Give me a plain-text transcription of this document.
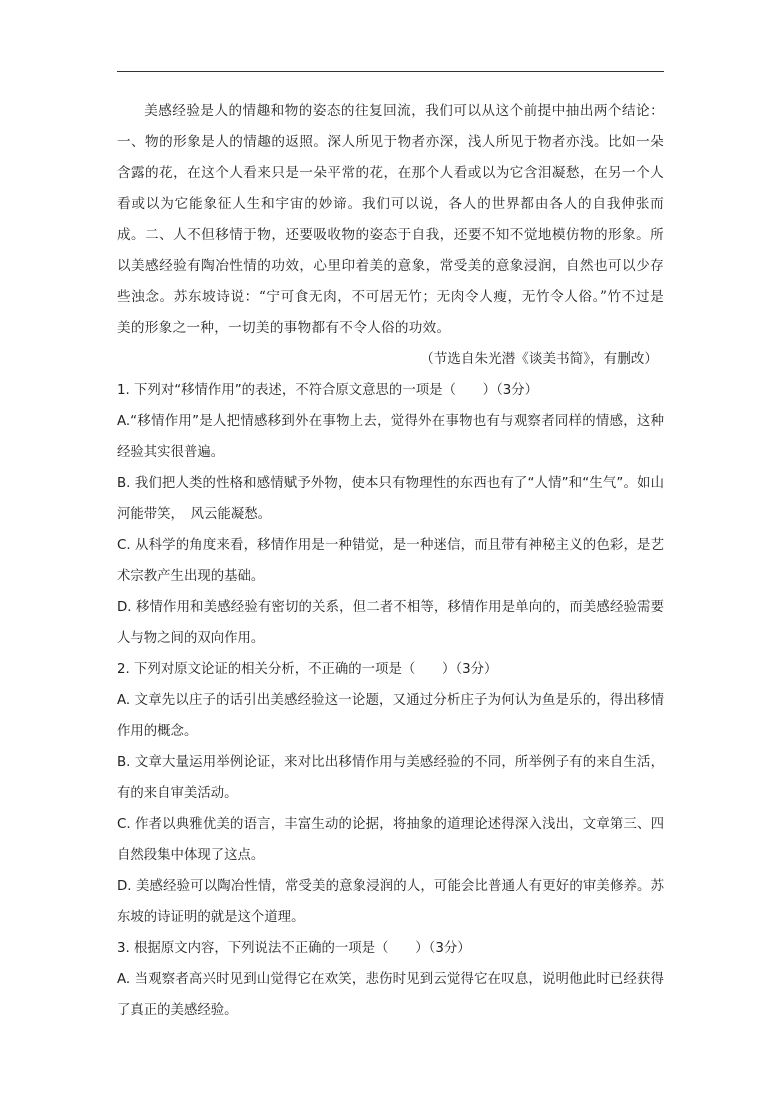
美感经验是人的情趣和物的姿态的往复回流，我们可以从这个前提中抽出两个结论：一、物的形象是人的情趣的返照。深人所见于物者亦深，浅人所见于物者亦浅。比如一朵含露的花，在这个人看来只是一朵平常的花，在那个人看或以为它含泪凝愁，在另一个人看或以为它能象征人生和宇宙的妙谛。我们可以说，各人的世界都由各人的自我伸张而成。二、人不但移情于物，还要吸收物的姿态于自我，还要不知不觉地模仿物的形象。所以美感经验有陶冶性情的功效，心里印着美的意象，常受美的意象浸润，自然也可以少存些浊念。苏东坡诗说：“宁可食无肉，不可居无竹；无肉令人瘦，无竹令人俗。”竹不过是美的形象之一种，一切美的事物都有不令人俗的功效。

（节选自朱光潜《谈美书简》，有删改）

1. 下列对“移情作用”的表述，不符合原文意思的一项是（　　）（3分）

A.“移情作用”是人把情感移到外在事物上去，觉得外在事物也有与观察者同样的情感，这种经验其实很普遍。

B. 我们把人类的性格和感情赋予外物，使本只有物理性的东西也有了“人情”和“生气”。如山河能带笑，　风云能凝愁。

C. 从科学的角度来看，移情作用是一种错觉，是一种迷信，而且带有神秘主义的色彩，是艺术宗教产生出现的基础。

D. 移情作用和美感经验有密切的关系，但二者不相等，移情作用是单向的，而美感经验需要人与物之间的双向作用。

2. 下列对原文论证的相关分析，不正确的一项是（　　）（3分）

A. 文章先以庄子的话引出美感经验这一论题，又通过分析庄子为何认为鱼是乐的，得出移情作用的概念。

B. 文章大量运用举例论证，来对比出移情作用与美感经验的不同，所举例子有的来自生活，有的来自审美活动。

C. 作者以典雅优美的语言，丰富生动的论据，将抽象的道理论述得深入浅出，文章第三、四自然段集中体现了这点。

D. 美感经验可以陶冶性情，常受美的意象浸润的人，可能会比普通人有更好的审美修养。苏东坡的诗证明的就是这个道理。

3. 根据原文内容，下列说法不正确的一项是（　　）（3分）

A. 当观察者高兴时见到山觉得它在欢笑，悲伤时见到云觉得它在叹息，说明他此时已经获得了真正的美感经验。
